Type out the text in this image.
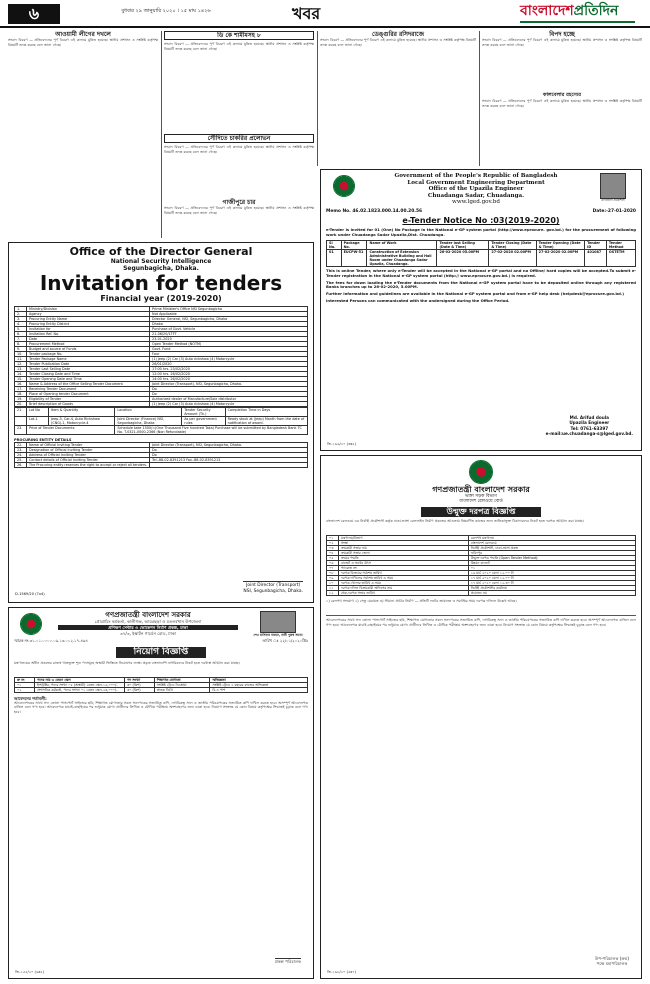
৬	বুধবার ২৯ জানুয়ারি ২০২০ । ১৫ মাঘ ১৪২৬	খবর	বাংলাদেশপ্রতিদিন
আওয়ামী লীগের দখলে
সংবাদ বিবরণ — প্রতিবেদনের পূর্ণ বিবরণ এই কলামে মুদ্রিত হয়েছে। স্থানীয় প্রশাসন ও সংশ্লিষ্ট কর্তৃপক্ষ বিষয়টি তদন্ত করছে বলে জানা গেছে।
ডি কে শামীমসহ ৮
সংবাদ বিবরণ — প্রতিবেদনের পূর্ণ বিবরণ এই কলামে মুদ্রিত হয়েছে। স্থানীয় প্রশাসন ও সংশ্লিষ্ট কর্তৃপক্ষ বিষয়টি তদন্ত করছে বলে জানা গেছে।
সৌদিতে চাকরির প্রলোভন
সংবাদ বিবরণ — প্রতিবেদনের পূর্ণ বিবরণ এই কলামে মুদ্রিত হয়েছে। স্থানীয় প্রশাসন ও সংশ্লিষ্ট কর্তৃপক্ষ বিষয়টি তদন্ত করছে বলে জানা গেছে।
গাজীপুরে চার
সংবাদ বিবরণ — প্রতিবেদনের পূর্ণ বিবরণ এই কলামে মুদ্রিত হয়েছে। স্থানীয় প্রশাসন ও সংশ্লিষ্ট কর্তৃপক্ষ বিষয়টি তদন্ত করছে বলে জানা গেছে।
ডেঙ্গুরির রসিদরাজে
সংবাদ বিবরণ — প্রতিবেদনের পূর্ণ বিবরণ এই কলামে মুদ্রিত হয়েছে। স্থানীয় প্রশাসন ও সংশ্লিষ্ট কর্তৃপক্ষ বিষয়টি তদন্ত করছে বলে জানা গেছে।
বিপদ হচ্ছে
সংবাদ বিবরণ — প্রতিবেদনের পূর্ণ বিবরণ এই কলামে মুদ্রিত হয়েছে। স্থানীয় প্রশাসন ও সংশ্লিষ্ট কর্তৃপক্ষ বিষয়টি তদন্ত করছে বলে জানা গেছে।
কালবেলার রহস্যের
সংবাদ বিবরণ — প্রতিবেদনের পূর্ণ বিবরণ এই কলামে মুদ্রিত হয়েছে। স্থানীয় প্রশাসন ও সংশ্লিষ্ট কর্তৃপক্ষ বিষয়টি তদন্ত করছে বলে জানা গেছে।
Government of the People's Republic of Bangladesh
Local Government Engineering Department
Office of the Upazila Engineer
Chuadanga Sadar, Chuadanga.
www.lged.gov.bd	উপজেলা প্রকৌশলী
Memo No. 46.02.1823.000.14.00.20.56	Date:-27-01-2020
e-Tender Notice No :03(2019-2020)
e-Tender is invited for 01 (One) No Package in the National e-GP system portal (http://www.eprocure. gov.bd.) for the procurement of following work under Chuadanga Sadar Upazila,Dist. Chuadanga.
Sl No.	Package No.	Name of Work	Tender last Selling (Date & Time)	Tender Closing (Date & Time)	Tender Opening (Date & Time)	Tender ID	Tender Method
01	EUCPW-51	Construction of Extension Administrative Building and Hall Room under Chuadanga Sadar Upazila, Chuadanga.	26-02-2020 05.00PM	27-02-2020 02.00PM	27-02-2020 02.00PM	401087	OSTETM
This is online Tender, where only e-Tender will be accepted in the National e-GP portal and no Offline/ hard copies will be accepted.To submit e-Tender registration in the National e-GP system portal (http:// www.eprocure.gov.bd.) is required.
The fees for down loading the e-Tender documents from the National e-GP system portal have to be deposited online through any registered Banks branches up to 26-02-2020, 5.00PM.
Further information and guidelines are available in the National e-GP system portal and from e-GP help desk (helpdesk@eprocure.gov.bd.)
Interested Persons can communicated with the undersigned during the Office Period.
Md. Arifud doula
Upazila Engineer
Tel: 0761-63397
e-mail:ue.chuadanga-s@lged.gov.bd.
জি-১৬৬/২০ (৩x৫)
Office of the Director General
National Security Intelligence
Segunbagicha, Dhaka.
Invitation for tenders
Financial year (2019-2020)
1.	Ministry/Division	Prime Minister's Office NSI Segunbagicha
2.	Agency	Not Applicable
3.	Procuring Entity Name	Director General, NSI, Segunbagicha, Dhaka
4.	Procuring Entity District	Dhaka
5.	Invitation for	Purchase of Govt. Vehicle
6.	Invitation Ref. No.	21-06/20/1TFT
7.	Date	23-01-2020
8.	Procurement Method	Open Tender Method (NOTM)
9.	Budget and source of Funds	Govt. Fund
10.	Tender package No.	Four
11.	Tender Package Name	(1) Jeep (2) Car (3) Auto rickshaw (4) Motorcycle
12.	Tender Publication Date	26/01/2020
13.	Tender Last Selling Date	17:00 hrs. 23/02/2020
14.	Tender Closing Date and Time	12:00 hrs. 26/02/2020
15.	Tender Opening Date and Time	14:00 hrs. 26/02/2020
16.	Name & Address of the Office Selling Tender Document	Joint Director (Transport), NSI, Segunbagicha, Dhaka.
17.	Receiving Tender Document	Do
18.	Place of Opening tender Document	Do
19.	Eligibility of Tender	Authorized dealer of Manufacture/Sole distributor
20.	Brief description of Goods	(1) Jeep (2) Car (3) Auto rickshaw (4) Motorcycle
21.	Lot No	Item & Quantity	Location	Tender Security Amount (Tk.)	Completion Time in Days
	Lot-1	Jeep-3, Car-4, Auto Rickshaw (CNG)-1, Motorcycle-4	Joint Director (Finance) NSI, Segunbagicha, Dhaka	As per government rules	Ready stock at (Jeep) Month from the date of notification of award.
23.	Price of Tender Documents		Schedule take 1500/=(One Thousand Five hundred Taka) Purchase will be submitted by Bangladesh Bank TC No. T-0321-0000-2366 (Non Refundable)		
PROCURING ENTITY DETAILS
22.	Name of Official Inviting Tender	Joint Director (Transport), NSI, Segunbagicha, Dhaka.
23.	Designation of Official Inviting Tender	Do
24.	Address of Official Inviting Tender	Do
25.	Contact details of Official Inviting Tender	Tel.-88-02-8391213 Fax.-88-02-8391213
26.	The Procuring entity reserves the right to accept or reject all tenders.	
Joint Director (Transport)
NSI, Segunbagicha, Dhaka.
D-1569/20 (7x4)
গণপ্রজাতন্ত্রী বাংলাদেশ সরকার
প্রোগ্রামিং কর্মকর্তা, কালীগঞ্জ, আয়রছড়া ও মতলবখান উপজেলা
প্রশিক্ষণ সেন্টার ও ভোকেশন নির্মাণ প্রকল্প, ঢাকা
৩৭/৩, ইস্কাটন গার্ডেন রোড, ঢাকা	শেখ হাসিনার বারতা, নারী পুরুষ সমতা
স্মারক নং-৩১.০১.০০০০.০৯.১৩.০০২.১৭-৪৯৪	তারিখ ঃ ২২/০১/২০২০খ্রিঃ
নিয়োগ বিজ্ঞপ্তি
মন্ত্রণালয়ের অধীন প্রকল্পের রাজস্ব খাতভুক্ত শূন্য পদসমূহে অস্থায়ী ভিত্তিতে নিয়োগের লক্ষ্যে প্রকৃত বাংলাদেশি নাগরিকদের নিকট হতে দরখাস্ত আহ্বান করা যাচ্ছে।
ক্র নং	পদের নাম ও বেতন স্কেল	পদ সংখ্যা	শিক্ষাগত যোগ্যতা	অভিজ্ঞতা
০১	ইন্সট্রাক্টর, পদের সংখ্যা ০৫ (অস্থায়ী) বেতন স্কেল-১৬,০০০/-	৩০ (ত্রিশ)	সংশ্লিষ্ট ট্রেডে ডিপ্লোমা	সংশ্লিষ্ট ট্রেডে ২ বছরের কাজের অভিজ্ঞতা
০২	প্রশাসনিক কর্মকর্তা, পদের সংখ্যা ০১ বেতন স্কেল-২৩,০০০/-	৩০ (ত্রিশ)	স্নাতক ডিগ্রি	বি.এ পাশ
আবেদনের শর্তাবলী:
আবেদনপত্রের সাথে সদ্য তোলা পাসপোর্ট সাইজের ছবি, শিক্ষাগত যোগ্যতার সকল সনদপত্রের সত্যায়িত কপি, নাগরিকত্ব সনদ ও জাতীয় পরিচয়পত্রের সত্যায়িত কপি দাখিল করতে হবে। অসম্পূর্ণ আবেদনপত্র বাতিল বলে গণ্য হবে। আবেদনপত্র যাচাই-বাছাইয়ের পর শুধুমাত্র যোগ্য প্রার্থীদের লিখিত ও মৌখিক পরীক্ষায় অংশগ্রহণের জন্য ডাকা হবে। নিয়োগ সংক্রান্ত যে কোন বিষয়ে কর্তৃপক্ষের সিদ্ধান্তই চূড়ান্ত বলে গণ্য হবে।
প্রকল্প পরিচালক
জি-১৫৫/২০ (৬x৫)
গণপ্রজাতন্ত্রী বাংলাদেশ সরকার
ভাঙ্গা সড়ক বিভাগ
বাংলাদেশ রেলওয়ে বোর্ড
উন্মুক্ত দরপত্র বিজ্ঞপ্তি
বাংলাদেশ রেলওয়ে এর নির্বাহী প্রকৌশলী কর্তৃক ঢাকা-ভাঙ্গা রেললাইন নির্মাণ প্রকল্পের আওতায় নিম্নবর্ণিত কাজের জন্য তালিকাভুক্ত ঠিকাদারদের নিকট হতে দরপত্র আহ্বান করা যাচ্ছে।
০১	মন্ত্রণালয়/বিভাগ	রেলপথ মন্ত্রণালয়
০২	সংস্থা	বাংলাদেশ রেলওয়ে
০৩	ক্রয়কারী সত্তার নাম	নির্বাহী প্রকৌশলী, ঢাকা-ভাঙ্গা প্রকল্প
০৪	ক্রয়কারী সত্তার জেলা	ফরিদপুর
০৫	ক্রয়ের পদ্ধতি	উন্মুক্ত দরপত্র পদ্ধতি (Open Tender Method):
০৬	বাজেট ও অর্থের উৎস	উন্নয়ন বাজেট
০৭	প্যাকেজ নং	০১
০৮	দরপত্র বিক্রয়ের সর্বশেষ তারিখ	১৬ মার্চ ২০২০ বেলা ১২.০০ টা
০৯	দরপত্র দাখিলের সর্বশেষ তারিখ ও সময়	১৭ মার্চ ২০২০ বেলা ১২.০০ টা
১০	দরপত্র খোলার তারিখ ও সময়	১৭ মার্চ ২০২০ বেলা ১২.৩০ টা
১১	দরপত্র দলিল বিক্রয়কারী অফিসের নাম	নির্বাহী প্রকৌশলীর কার্যালয়
১২	প্রাক-দরপত্র সভার তারিখ	প্রযোজ্য নয়
১) রেলপথ সংযোগ ২) সেতু মেরামত ৩) সীমানা প্রাচীর নির্মাণ — প্রতিটি লটের জামানত ও সমাপ্তির সময় দরপত্র দলিলে উল্লেখ আছে।
আবেদনপত্রের সাথে সদ্য তোলা পাসপোর্ট সাইজের ছবি, শিক্ষাগত যোগ্যতার সকল সনদপত্রের সত্যায়িত কপি, নাগরিকত্ব সনদ ও জাতীয় পরিচয়পত্রের সত্যায়িত কপি দাখিল করতে হবে। অসম্পূর্ণ আবেদনপত্র বাতিল বলে গণ্য হবে। আবেদনপত্র যাচাই-বাছাইয়ের পর শুধুমাত্র যোগ্য প্রার্থীদের লিখিত ও মৌখিক পরীক্ষায় অংশগ্রহণের জন্য ডাকা হবে। নিয়োগ সংক্রান্ত যে কোন বিষয়ে কর্তৃপক্ষের সিদ্ধান্তই চূড়ান্ত বলে গণ্য হবে।
উপ-পরিচালক (ক্রয়)
পক্ষে মহাপরিচালক
জি-১৬৮/২০ (৫x৭)
